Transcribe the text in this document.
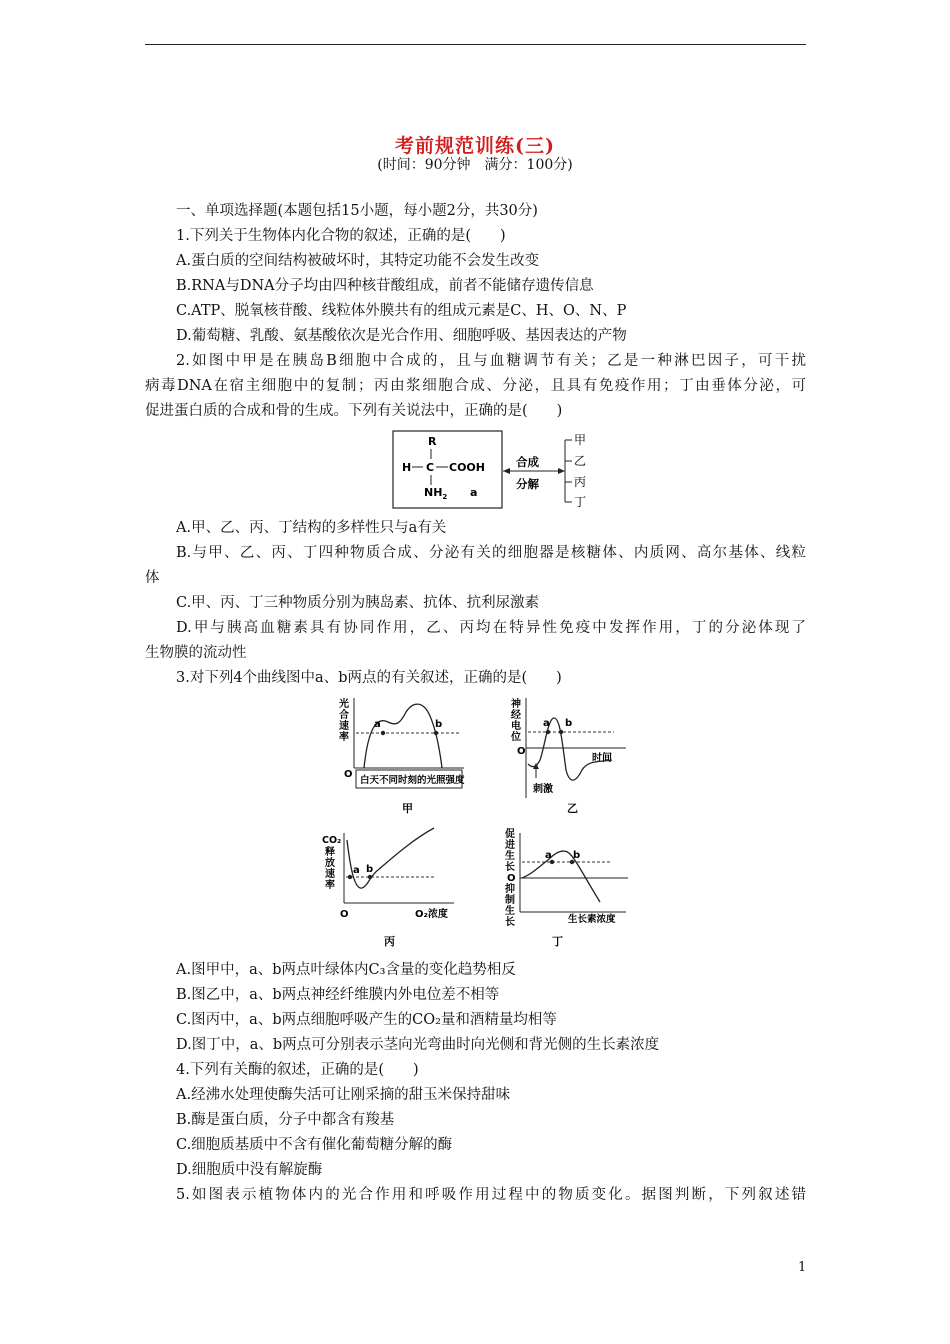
考前规范训练(三)
(时间：90分钟　满分：100分)
一、单项选择题(本题包括15小题，每小题2分，共30分)
1.下列关于生物体内化合物的叙述，正确的是(　　)
A.蛋白质的空间结构被破坏时，其特定功能不会发生改变
B.RNA与DNA分子均由四种核苷酸组成，前者不能储存遗传信息
C.ATP、脱氧核苷酸、线粒体外膜共有的组成元素是C、H、O、N、P
D.葡萄糖、乳酸、氨基酸依次是光合作用、细胞呼吸、基因表达的产物
2.如图中甲是在胰岛B细胞中合成的，且与血糖调节有关；乙是一种淋巴因子，可干扰
病毒DNA在宿主细胞中的复制；丙由浆细胞合成、分泌，且具有免疫作用；丁由垂体分泌，可
促进蛋白质的合成和骨的生成。下列有关说法中，正确的是(　　)
R
H C COOH
$NH_2$ a
合成
分解
甲
乙
丙
丁
A.甲、乙、丙、丁结构的多样性只与a有关
B.与甲、乙、丙、丁四种物质合成、分泌有关的细胞器是核糖体、内质网、高尔基体、线粒
体
C.甲、丙、丁三种物质分别为胰岛素、抗体、抗利尿激素
D.甲与胰高血糖素具有协同作用，乙、丙均在特异性免疫中发挥作用，丁的分泌体现了
生物膜的流动性
3.对下列4个曲线图中a、b两点的有关叙述，正确的是(　　)
光
合
速
率
O
白天不同时刻的光照强度
a	b
甲
神
经
电
位
O
时间
a b
刺激
乙
CO₂
释
放
速
率
O	O₂浓度
a b
丙
促
进
生
长
抑
制
生
长
O
生长素浓度
a b
丁
A.图甲中，a、b两点叶绿体内C₃含量的变化趋势相反
B.图乙中，a、b两点神经纤维膜内外电位差不相等
C.图丙中，a、b两点细胞呼吸产生的CO₂量和酒精量均相等
D.图丁中，a、b两点可分别表示茎向光弯曲时向光侧和背光侧的生长素浓度
4.下列有关酶的叙述，正确的是(　　)
A.经沸水处理使酶失活可让刚采摘的甜玉米保持甜味
B.酶是蛋白质，分子中都含有羧基
C.细胞质基质中不含有催化葡萄糖分解的酶
D.细胞质中没有解旋酶
5.如图表示植物体内的光合作用和呼吸作用过程中的物质变化。据图判断，下列叙述错
1
